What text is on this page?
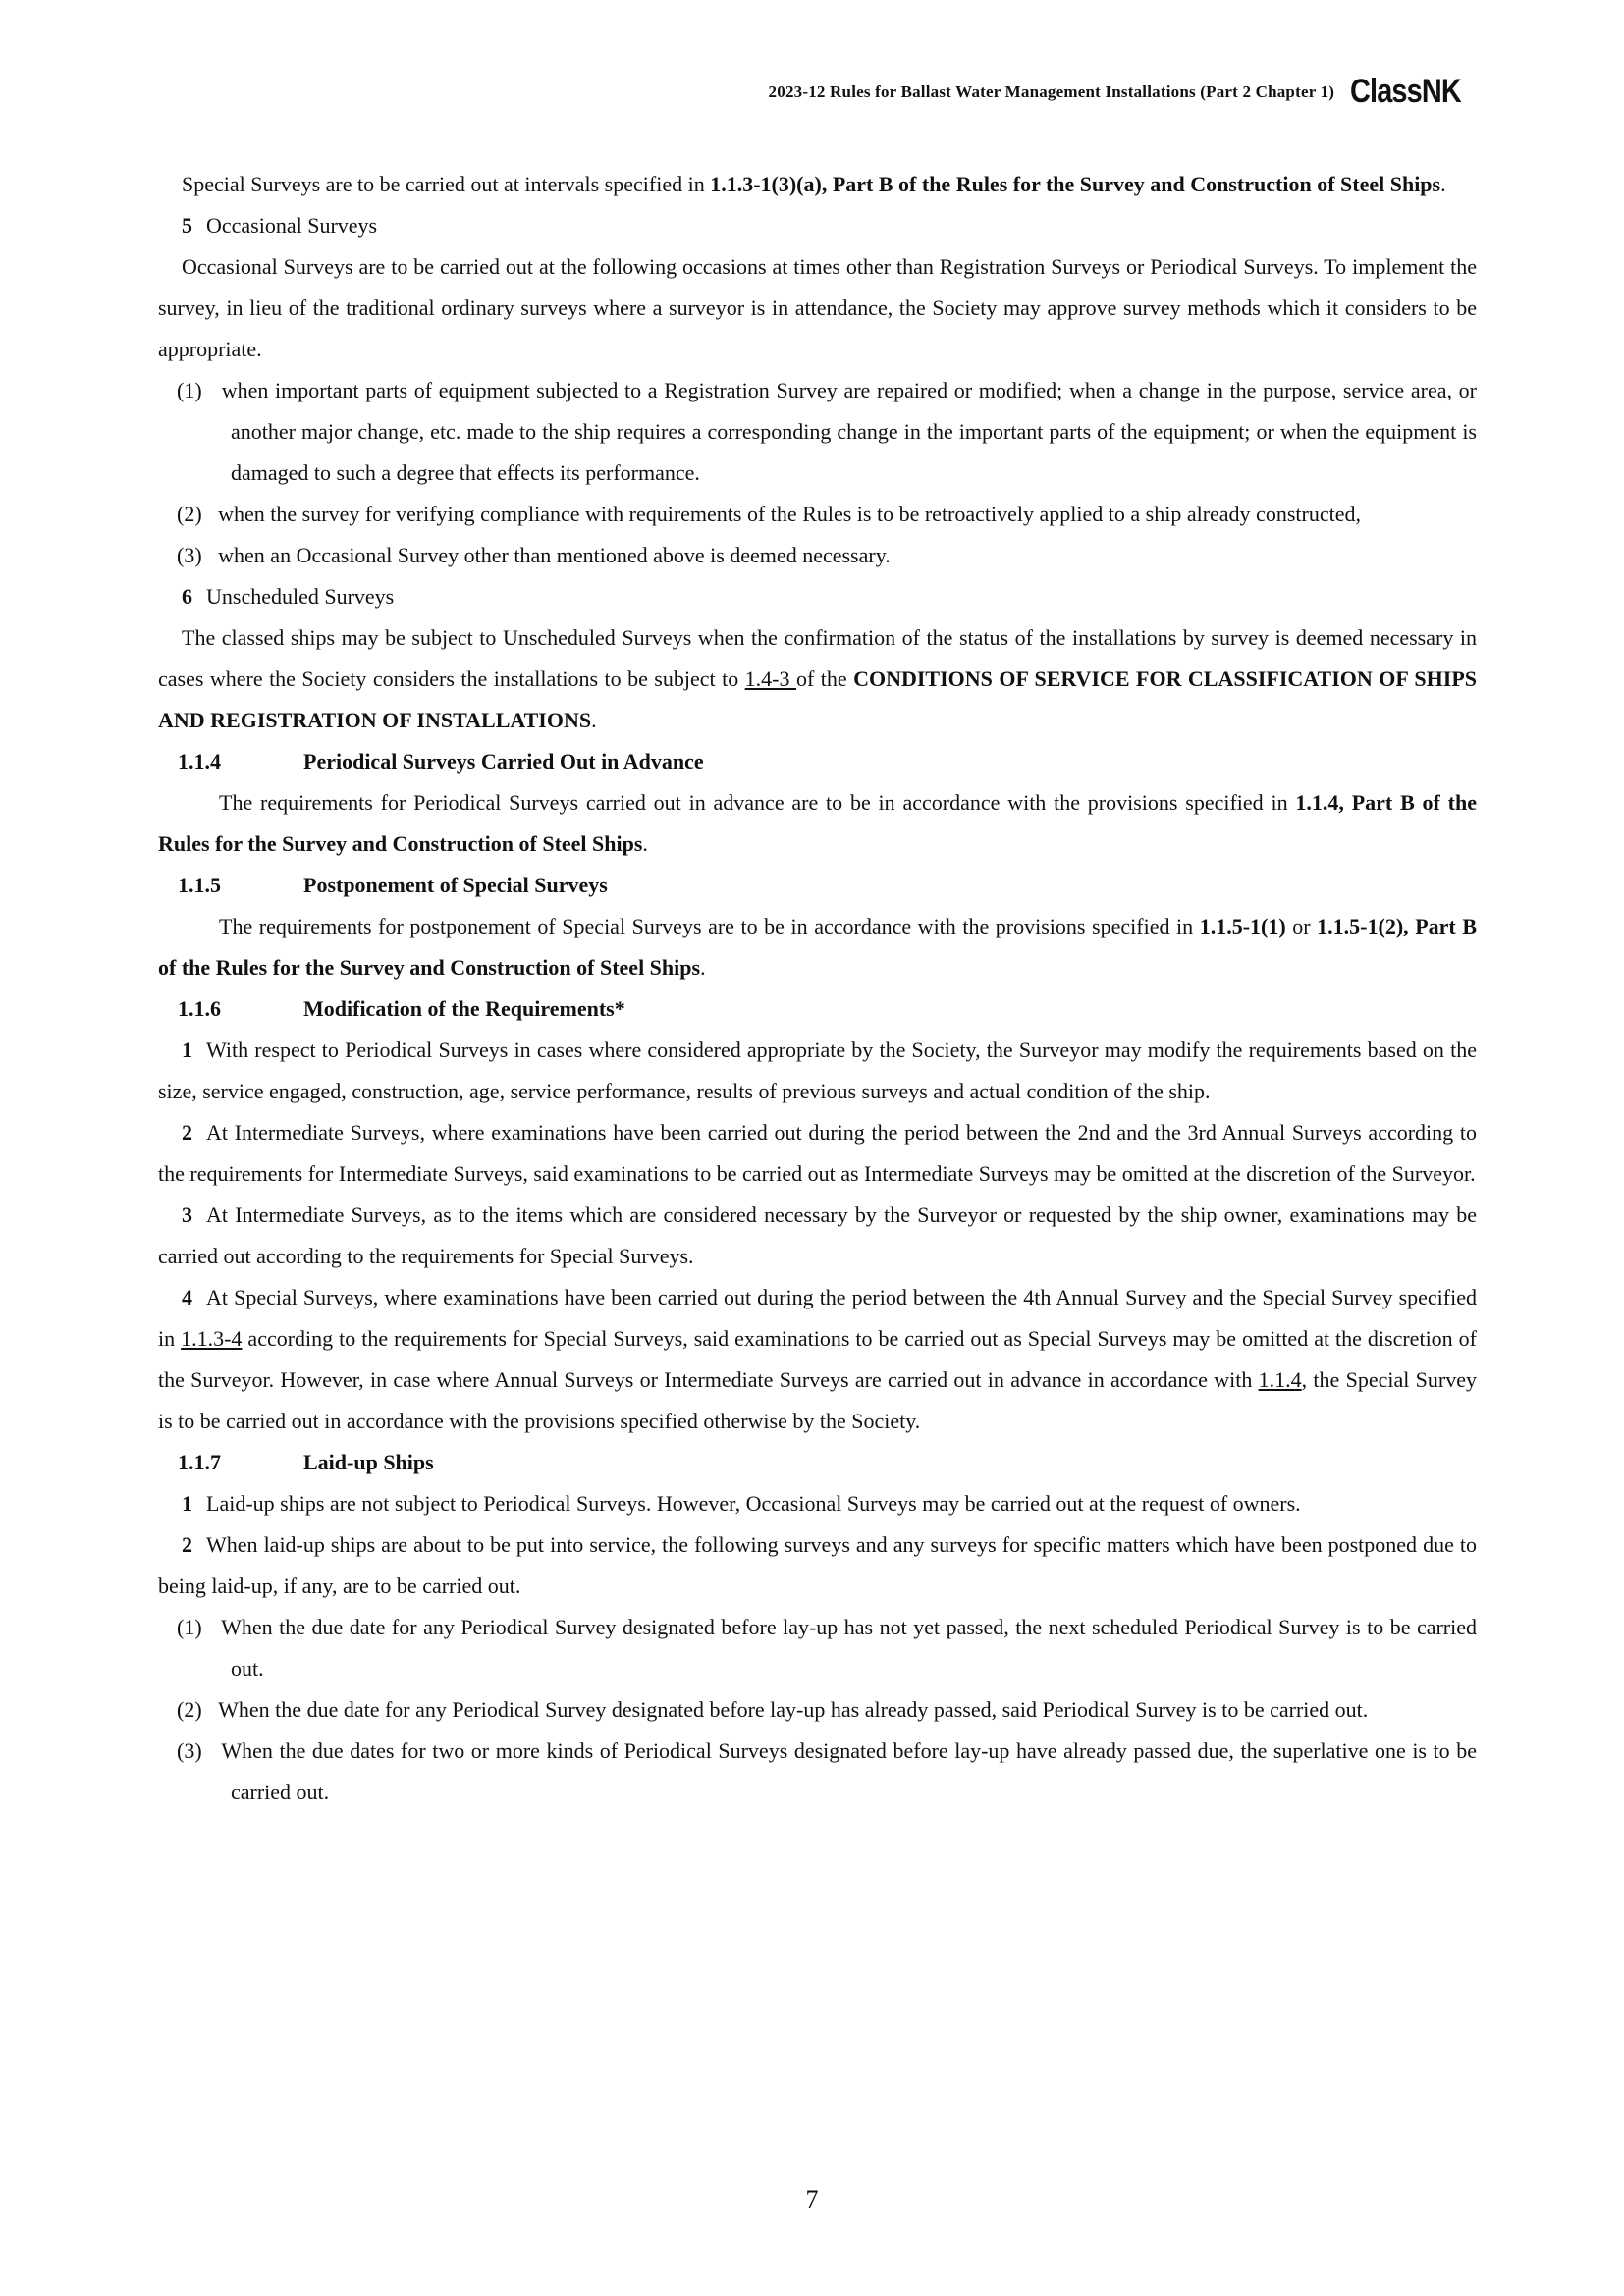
2023-12 Rules for Ballast Water Management Installations (Part 2 Chapter 1) ClassNK

Special Surveys are to be carried out at intervals specified in 1.1.3-1(3)(a), Part B of the Rules for the Survey and Construction of Steel Ships.

5 Occasional Surveys

Occasional Surveys are to be carried out at the following occasions at times other than Registration Surveys or Periodical Surveys. To implement the survey, in lieu of the traditional ordinary surveys where a surveyor is in attendance, the Society may approve survey methods which it considers to be appropriate.

(1) when important parts of equipment subjected to a Registration Survey are repaired or modified; when a change in the purpose, service area, or another major change, etc. made to the ship requires a corresponding change in the important parts of the equipment; or when the equipment is damaged to such a degree that effects its performance.

(2) when the survey for verifying compliance with requirements of the Rules is to be retroactively applied to a ship already constructed,

(3) when an Occasional Survey other than mentioned above is deemed necessary.

6 Unscheduled Surveys

The classed ships may be subject to Unscheduled Surveys when the confirmation of the status of the installations by survey is deemed necessary in cases where the Society considers the installations to be subject to 1.4-3 of the CONDITIONS OF SERVICE FOR CLASSIFICATION OF SHIPS AND REGISTRATION OF INSTALLATIONS.

1.1.4	Periodical Surveys Carried Out in Advance

The requirements for Periodical Surveys carried out in advance are to be in accordance with the provisions specified in 1.1.4, Part B of the Rules for the Survey and Construction of Steel Ships.

1.1.5	Postponement of Special Surveys

The requirements for postponement of Special Surveys are to be in accordance with the provisions specified in 1.1.5-1(1) or 1.1.5-1(2), Part B of the Rules for the Survey and Construction of Steel Ships.

1.1.6	Modification of the Requirements*

1 With respect to Periodical Surveys in cases where considered appropriate by the Society, the Surveyor may modify the requirements based on the size, service engaged, construction, age, service performance, results of previous surveys and actual condition of the ship.

2 At Intermediate Surveys, where examinations have been carried out during the period between the 2nd and the 3rd Annual Surveys according to the requirements for Intermediate Surveys, said examinations to be carried out as Intermediate Surveys may be omitted at the discretion of the Surveyor.

3 At Intermediate Surveys, as to the items which are considered necessary by the Surveyor or requested by the ship owner, examinations may be carried out according to the requirements for Special Surveys.

4 At Special Surveys, where examinations have been carried out during the period between the 4th Annual Survey and the Special Survey specified in 1.1.3-4 according to the requirements for Special Surveys, said examinations to be carried out as Special Surveys may be omitted at the discretion of the Surveyor. However, in case where Annual Surveys or Intermediate Surveys are carried out in advance in accordance with 1.1.4, the Special Survey is to be carried out in accordance with the provisions specified otherwise by the Society.

1.1.7	Laid-up Ships

1 Laid-up ships are not subject to Periodical Surveys. However, Occasional Surveys may be carried out at the request of owners.

2 When laid-up ships are about to be put into service, the following surveys and any surveys for specific matters which have been postponed due to being laid-up, if any, are to be carried out.

(1) When the due date for any Periodical Survey designated before lay-up has not yet passed, the next scheduled Periodical Survey is to be carried out.

(2) When the due date for any Periodical Survey designated before lay-up has already passed, said Periodical Survey is to be carried out.

(3) When the due dates for two or more kinds of Periodical Surveys designated before lay-up have already passed due, the superlative one is to be carried out.

7
